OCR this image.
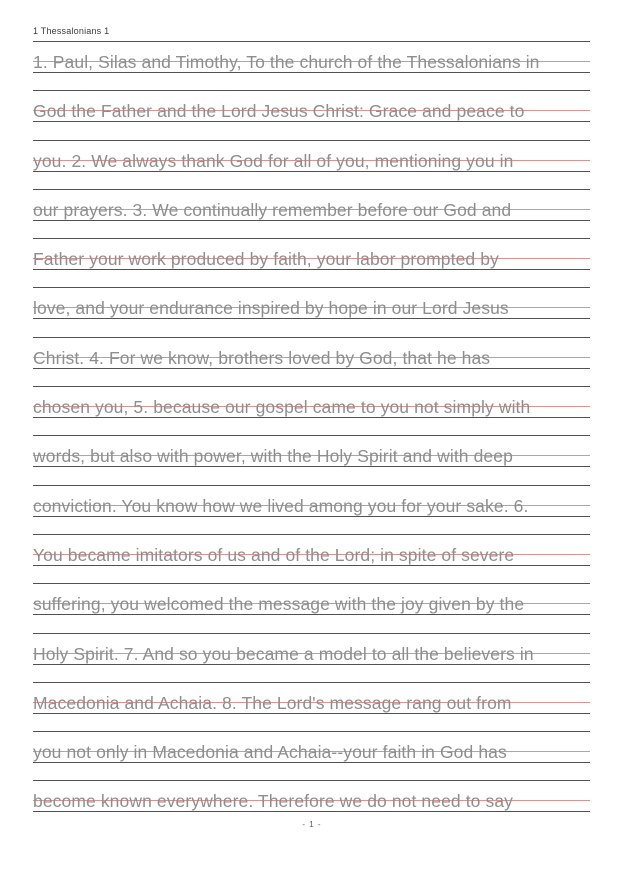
1 Thessalonians 1
1. Paul, Silas and Timothy, To the church of the Thessalonians in
God the Father and the Lord Jesus Christ: Grace and peace to
you. 2. We always thank God for all of you, mentioning you in
our prayers. 3. We continually remember before our God and
Father your work produced by faith, your labor prompted by
love, and your endurance inspired by hope in our Lord Jesus
Christ. 4. For we know, brothers loved by God, that he has
chosen you, 5. because our gospel came to you not simply with
words, but also with power, with the Holy Spirit and with deep
conviction. You know how we lived among you for your sake. 6.
You became imitators of us and of the Lord; in spite of severe
suffering, you welcomed the message with the joy given by the
Holy Spirit. 7. And so you became a model to all the believers in
Macedonia and Achaia. 8. The Lord's message rang out from
you not only in Macedonia and Achaia--your faith in God has
become known everywhere. Therefore we do not need to say
- 1 -
